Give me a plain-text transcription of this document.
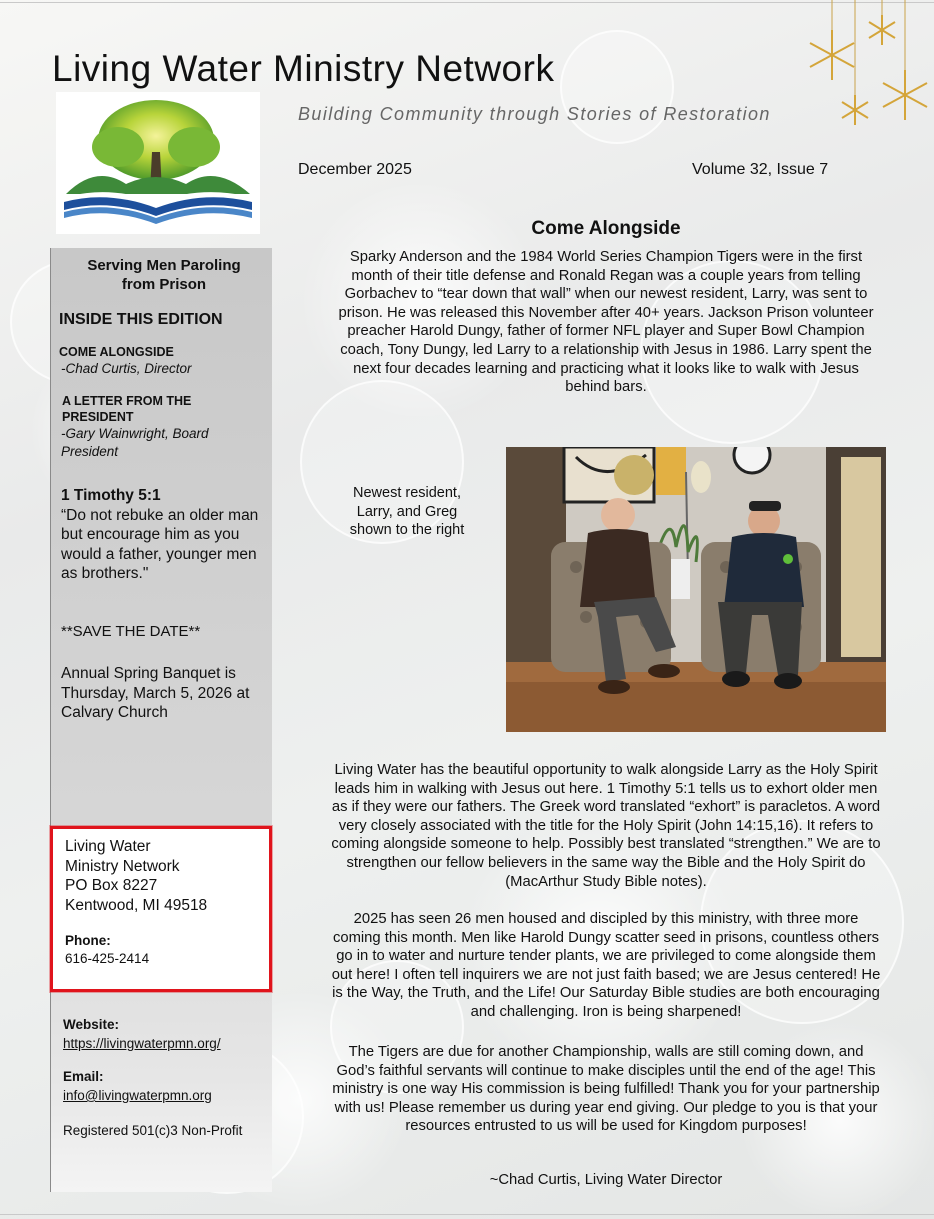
Living Water Ministry Network
Building Community through Stories of Restoration
December 2025	Volume 32, Issue 7
Serving Men Paroling from Prison
INSIDE THIS EDITION
COME ALONGSIDE
-Chad Curtis, Director
A LETTER FROM THE PRESIDENT
-Gary Wainwright, Board President
1 Timothy 5:1
“Do not rebuke an older man but encourage him as you would a father, younger men as brothers."
**SAVE THE DATE**
Annual Spring Banquet is Thursday, March 5, 2026 at Calvary Church
Living Water
Ministry Network
PO Box 8227
Kentwood, MI 49518
Phone:
616-425-2414
Website:
https://livingwaterpmn.org/
Email:
info@livingwaterpmn.org
Registered 501(c)3 Non-Profit
Come Alongside
Sparky Anderson and the 1984 World Series Champion Tigers were in the first month of their title defense and Ronald Regan was a couple years from telling Gorbachev to “tear down that wall” when our newest resident, Larry, was sent to prison. He was released this November after 40+ years. Jackson Prison volunteer preacher Harold Dungy, father of former NFL player and Super Bowl Champion coach, Tony Dungy, led Larry to a relationship with Jesus in 1986. Larry spent the next four decades learning and practicing what it looks like to walk with Jesus behind bars.
Newest resident, Larry, and Greg shown to the right
Living Water has the beautiful opportunity to walk alongside Larry as the Holy Spirit leads him in walking with Jesus out here. 1 Timothy 5:1 tells us to exhort older men as if they were our fathers. The Greek word translated “exhort” is paracletos. A word very closely associated with the title for the Holy Spirit (John 14:15,16). It refers to coming alongside someone to help. Possibly best translated “strengthen.” We are to strengthen our fellow believers in the same way the Bible and the Holy Spirit do (MacArthur Study Bible notes).
2025 has seen 26 men housed and discipled by this ministry, with three more coming this month. Men like Harold Dungy scatter seed in prisons, countless others go in to water and nurture tender plants, we are privileged to come alongside them out here! I often tell inquirers we are not just faith based; we are Jesus centered! He is the Way, the Truth, and the Life! Our Saturday Bible studies are both encouraging and challenging. Iron is being sharpened!
The Tigers are due for another Championship, walls are still coming down, and God’s faithful servants will continue to make disciples until the end of the age! This ministry is one way His commission is being fulfilled! Thank you for your partnership with us! Please remember us during year end giving. Our pledge to you is that your resources entrusted to us will be used for Kingdom purposes!
~Chad Curtis, Living Water Director
